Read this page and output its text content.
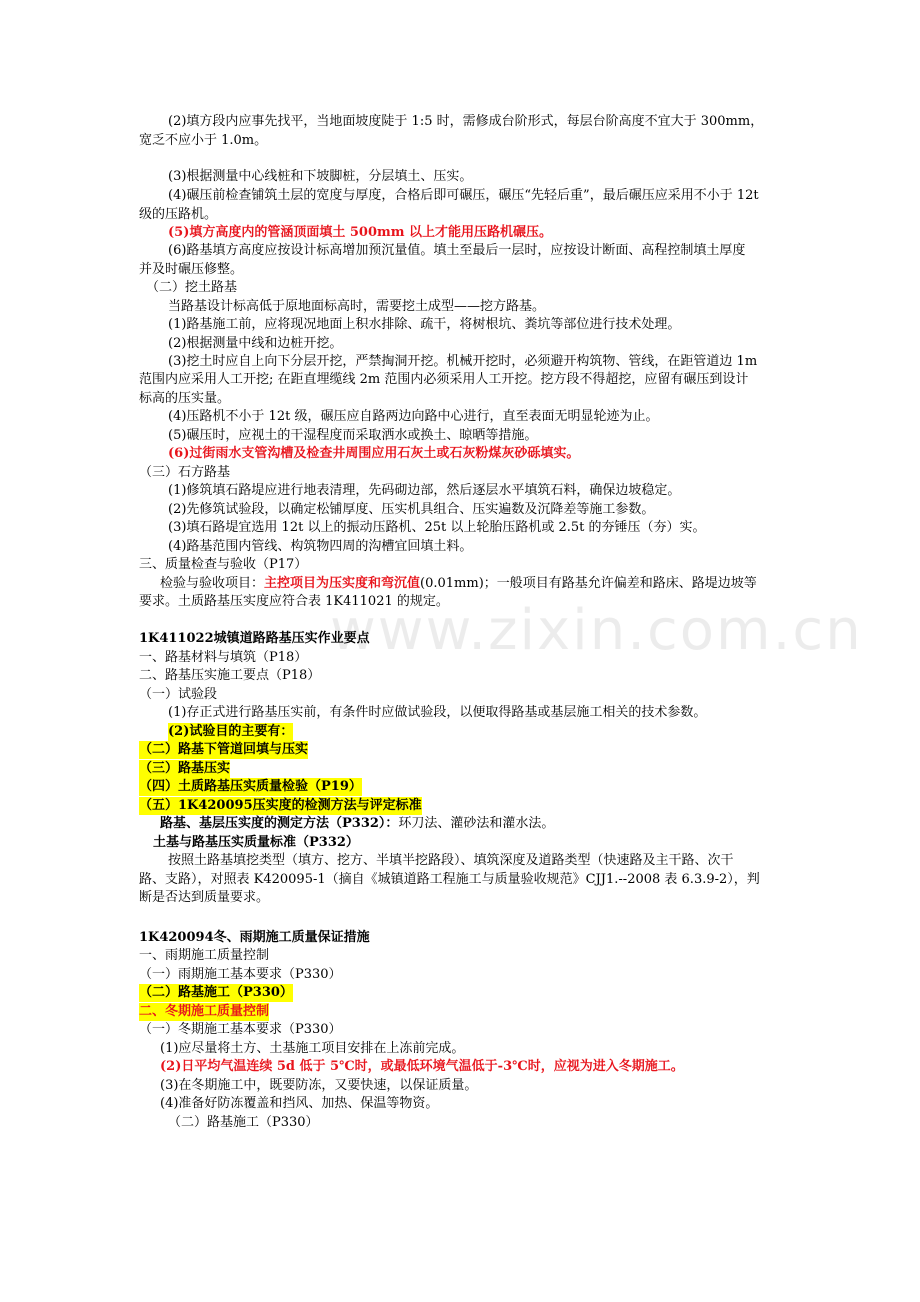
www.zixin.com.cn
(2)填方段内应事先找平，当地面坡度陡于 1:5 时，需修成台阶形式，每层台阶高度不宜大于 300mm，
宽乏不应小于 1.0m。
(3)根据测量中心线桩和下坡脚桩，分层填土、压实。
(4)碾压前检查铺筑土层的宽度与厚度，合格后即可碾压，碾压“先轻后重”，最后碾压应采用不小于 12t
级的压路机。
(5)填方高度内的管涵顶面填土 500mm 以上才能用压路机碾压。
(6)路基填方高度应按设计标高增加预沉量值。填土至最后一层时，应按设计断面、高程控制填土厚度
并及时碾压修整。
（二）挖土路基
当路基设计标高低于原地面标高时，需要挖土成型——挖方路基。
(1)路基施工前，应将现况地面上积水排除、疏干，将树根坑、粪坑等部位进行技术处理。
(2)根据测量中线和边桩开挖。
(3)挖土时应自上向下分层开挖，严禁掏洞开挖。机械开挖时，必须避开构筑物、管线，在距管道边 1m
范围内应采用人工开挖; 在距直埋缆线 2m 范围内必须采用人工开挖。挖方段不得超挖，应留有碾压到设计
标高的压实量。
(4)压路机不小于 12t 级，碾压应自路两边向路中心进行，直至表面无明显轮迹为止。
(5)碾压时，应视土的干湿程度而采取洒水或换土、晾晒等措施。
(6)过街雨水支管沟槽及检查井周围应用石灰土或石灰粉煤灰砂砾填实。
（三）石方路基
(1)修筑填石路堤应进行地表清理，先码砌边部，然后逐层水平填筑石料，确保边坡稳定。
(2)先修筑试验段，以确定松铺厚度、压实机具组合、压实遍数及沉降差等施工参数。
(3)填石路堤宜选用 12t 以上的振动压路机、25t 以上轮胎压路机或 2.5t 的夯锤压（夯）实。
(4)路基范围内管线、构筑物四周的沟槽宜回填土料。
三、质量检查与验收（P17）
检验与验收项目：主控项目为压实度和弯沉值(0.01mm)；一般项目有路基允许偏差和路床、路堤边坡等
要求。土质路基压实度应符合表 1K411021 的规定。
1K411022城镇道路路基压实作业要点
一、路基材料与填筑（P18）
二、路基压实施工要点（P18）
（一）试验段
(1)存正式进行路基压实前，有条件时应做试验段，以便取得路基或基层施工相关的技术参数。
(2)试验目的主要有：
（二）路基下管道回填与压实
（三）路基压实
（四）土质路基压实质量检验（P19）
（五）1K420095压实度的检测方法与评定标准
路基、基层压实度的测定方法（P332）：环刀法、灌砂法和灌水法。
土基与路基压实质量标准（P332）
按照土路基填挖类型（填方、挖方、半填半挖路段）、填筑深度及道路类型（快速路及主干路、次干
路、支路），对照表 K420095-1（摘自《城镇道路工程施工与质量验收规范》CJJ1.--2008 表 6.3.9-2），判
断是否达到质量要求。
1K420094冬、雨期施工质量保证措施
一、雨期施工质量控制
（一）雨期施工基本要求（P330）
（二）路基施工（P330）
二、冬期施工质量控制
（一）冬期施工基本要求（P330）
(1)应尽量将土方、土基施工项目安排在上冻前完成。
(2)日平均气温连续 5d 低于 5℃时，或最低环境气温低于-3℃时，应视为进入冬期施工。
(3)在冬期施工中，既要防冻，又要快速，以保证质量。
(4)准备好防冻覆盖和挡风、加热、保温等物资。
（二）路基施工（P330）
